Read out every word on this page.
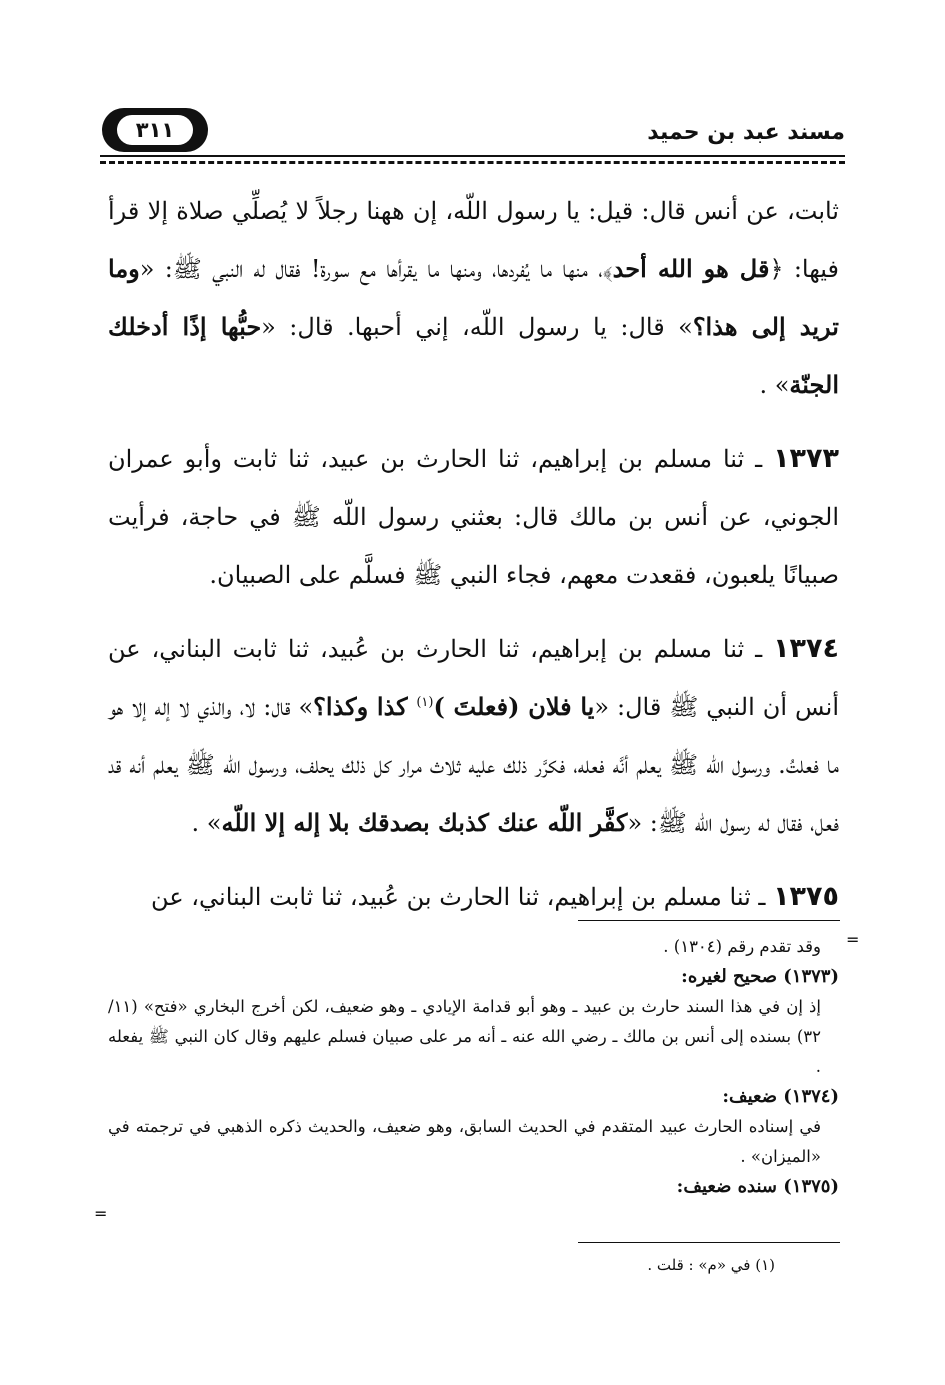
مسند عبد بن حميد
٣١١

ثابت، عن أنس قال: قيل: يا رسول اللّه، إن ههنا رجلاً لا يُصلِّي صلاة إلا قرأ فيها: ﴿قل هو الله أحد﴾، منها ما يُفردها، ومنها ما يقرأها مع سورة! فقال له النبي ﷺ: «وما تريد إلى هذا؟» قال: يا رسول اللّه، إني أحبها. قال: «حبُّها إذًا أدخلك الجنّة» .

١٣٧٣ ـ ثنا مسلم بن إبراهيم، ثنا الحارث بن عبيد، ثنا ثابت وأبو عمران الجوني، عن أنس بن مالك قال: بعثني رسول اللّه ﷺ في حاجة، فرأيت صبيانًا يلعبون، فقعدت معهم، فجاء النبي ﷺ فسلَّم على الصبيان.

١٣٧٤ ـ ثنا مسلم بن إبراهيم، ثنا الحارث بن عُبيد، ثنا ثابت البناني، عن أنس أن النبي ﷺ قال: «يا فلان (فعلتَ )$^{(١)}$ كذا وكذا؟» قال: لا، والذي لا إله إلا هو ما فعلتُ. ورسول اللّه ﷺ يعلم أنَّه فعله، فكرَّر ذلك عليه ثلاث مرار كل ذلك يحلف، ورسول اللّه ﷺ يعلم أنه قد فعل، فقال له رسول اللّه ﷺ: «كفَّر اللّه عنك كذبك بصدقك بلا إله إلا اللّه» .

١٣٧٥ ـ ثنا مسلم بن إبراهيم، ثنا الحارث بن عُبيد، ثنا ثابت البناني، عن

=
=
وقد تقدم رقم (١٣٠٤) .
(١٣٧٣) صحيح لغيره:
إذ إن في هذا السند حارث بن عبيد ـ وهو أبو قدامة الإيادي ـ وهو ضعيف، لكن أخرج البخاري «فتح» (١١/ ٣٢) بسنده إلى أنس بن مالك ـ رضي الله عنه ـ أنه مر على صبيان فسلم عليهم وقال كان النبي ﷺ يفعله .
(١٣٧٤) ضعيف:
في إسناده الحارث عبيد المتقدم في الحديث السابق، وهو ضعيف، والحديث ذكره الذهبي في ترجمته في «الميزان» .
(١٣٧٥) سنده ضعيف:
(١) في «م» : قلت .
